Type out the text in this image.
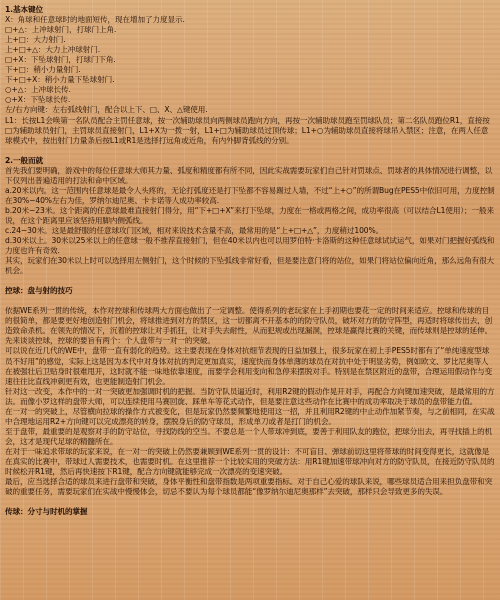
1.基本键位

X：角球和任意球时的地面短传，现在增加了力度显示.

□+△：上冲球射门，打球门上角.

上+□：大力射门.

上+□+△：大力上冲球射门.

□+X：下坠球射门，打球门下角.

下+□：稍小力量射门.

下+□+X：稍小力量下坠球射门.

○+△：上冲球长传.

○+X：下坠球长传.

左/右方向键：左右弧线射门，配合以上下、□、X、△键使用.

L1：长按L1会唤第一名队员配合主罚任意球，按一次辅助球员向两侧球员跑向方向，再按一次辅助球员跑至罚球队员；第二名队员跑位R1，直接按□为辅助球员射门，主罚球员直接射门，L1+X为一拨一射，L1+□为辅助球员过顶传球；L1+○为辅助球员直接将球吊入禁区；注意，在两人任意球模式中，按出射门力量条后按L1或R1是选择打远角或近角，有内外脚背弧线的分别。

2.一般而就

首先我们要明确，游戏中的每位任意球大师其力量、弧度和精度都有所不同，因此实战需要玩家们自己针对罚球点、罚球者的具体情况进行调整，以下仅列出普遍适用的打法和命中区域。

a.20米以内。这一范围内任意球是最令人头疼的，无论打弧度还是打下坠都不容易踢过人墙，不过“上+○”的所谓Bug在PES5中依旧可用，力度控制在30%~40%左右为佳，罗纳尔迪尼奥、卡卡诺等人成功率较高.

b.20米~23米。这个距离的任意球最难直接射门得分，用“下+□+X”来打下坠球，力度在一格或两格之间，成功率很高（可以结合L1使用）；一般来说，在这个距离里应该坚持用脚内侧弧线。

c.24~30米。这是最舒服的任意球攻门区域，相对来说技术含量不高，最常用的是“上+□+△”，力度稍过100%。

d.30米以上。30米以25米以上的任意球一般不推荐直接射门，但在40米以内也可以用罗伯特·卡洛斯的这种任意球试试运气，如果对门把握好弧线和力度也许有奇效.

其实，玩家们在30米以上时可以选择用左侧射门，这个时候的下坠弧线非常好看，但是要注意门将的站位，如果门将站位偏向近角，那么远角有很大机会。

控球：盘与射的技巧

依据WE系列一贯的传统，本作对控球和传球两大方面也做出了一定调整。使得系列的老玩家在上手初期也要花一定的时间来适应。控球和传球的目的很简单，都是要更好地创造射门机会，将球推进到对方的禁区，这一切都离不开基本的的防守队员，破坏对方的防守阵型，再适时将球传出去，创造致命杀机。在领先的情况下，沉着的控球让对手抓狂，让对手失去耐性，从而犯规或出现漏洞，控球是赢得比赛的关键，而传球则是控球的延伸。

先来谈谈控球，控球的要旨有两个：个人盘带与一对一的突破。

可以说在近几代的WE中，盘带一直有弱化的趋势。这主要表现在身体对抗细节表现的日益加强上，很多玩家在初上手PES5时都有了“单纯速度型球员不好用”的感觉，实际上这是因为本代中对身体对抗的判定更加真实，速度快而身体单薄的球员在对抗中处于明显劣势，例如欧文、罗比尼奥等人在被强壮后卫贴身时很难甩开，这时就不能一味地依靠速度，而要学会利用变向和急停来摆脱对手。特别是在禁区附近的盘带，合理运用假动作与变速往往比直线冲刺更有效，也更能制造射门机会。

针对这一改变，本作中的一对一突破更加强调时机的把握。当防守队员逼近时，利用R2键的假动作晃开对手，再配合方向键加速突破，是最常用的方法。而像小罗这样的盘带大师，可以连续使用马赛回旋、踩单车等花式动作，但是要注意这些动作在比赛中的成功率取决于球员的盘带能力值。

在一对一的突破上，尽管横向拉球的操作方式被变化，但是玩家仍然要频繁地使用这一招，并且利用R2键的中止动作加紧节奏，与之前相同，在实战中合理地运用R2+方向键可以完成漂亮的转身，摆脱身后的防守球员，形成单刀或者是打门的机会。

至于盘带，最重要的是观察对手的防守站位，寻找防线的空当。不要总是一个人带球冲到底，要善于利用队友的跑位，把球分出去，再寻找插上的机会，这才是现代足球的精髓所在。

在对于一味追求带球的玩家来说，在一对一的突破上仍然要兼顾到WE系列一贯的设计：不可盲目、弹球前切这里将带球的时间变得更长，这就像是在真实的比赛中，带球过人需要技术，也需要时机。在这里推荐一个比较实用的突破方法：用R1键加速带球冲向对方的防守队员，在接近防守队员的时候松开R1键，然后再快速按下R1键，配合方向键就能够完成一次漂亮的变速突破。

最后，应当选择合适的球员来进行盘带和突破，身体平衡性和盘带指数是两项重要指标。对于自己心爱的球队来说，哪些球员适合用来担负盘带和突破的重要任务，需要玩家们在实战中慢慢体会，切忌不要认为每个球员都能“像罗纳尔迪尼奥那样”去突破，那样只会导致更多的失误。

传球：分寸与时机的掌握
